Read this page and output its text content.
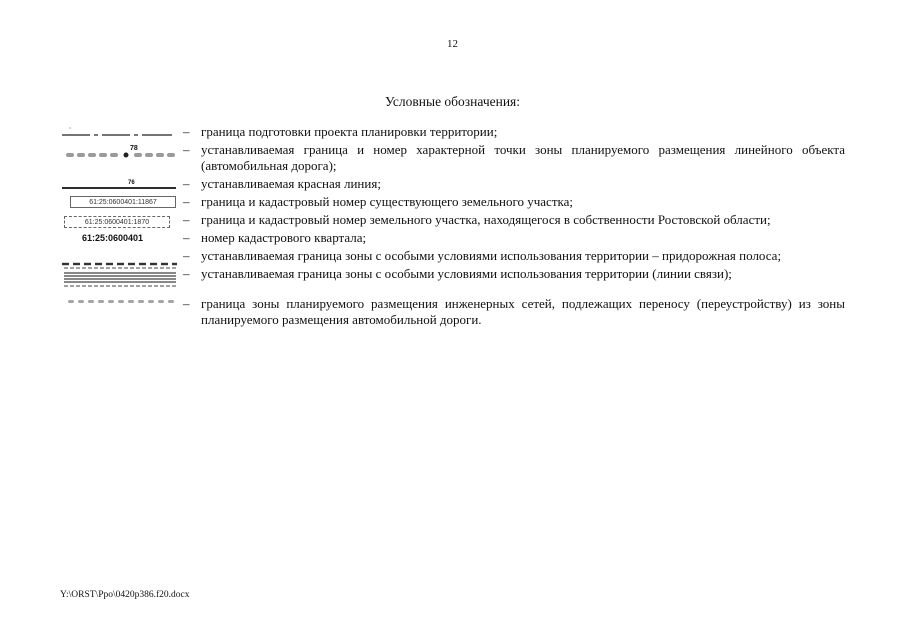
12
Условные обозначения:
– граница подготовки проекта планировки территории;
78	– устанавливаемая граница и номер характерной точки зоны планируемого размещения линейного объекта (автомобильная дорога);
76	– устанавливаемая красная линия;
61:25:0600401:11867	– граница и кадастровый номер существующего земельного участка;
61:25:0600401:1870	– граница и кадастровый номер земельного участка, находящегося в собственности Ростовской области;
61:25:0600401	– номер кадастрового квартала;
– устанавливаемая граница зоны с особыми условиями использования территории – придорожная полоса;
– устанавливаемая граница зоны с особыми условиями использования территории (линии связи);
– граница зоны планируемого размещения инженерных сетей, подлежащих переносу (переустройству) из зоны планируемого размещения автомобильной дороги.
Y:\ORST\Ppo\0420p386.f20.docx
